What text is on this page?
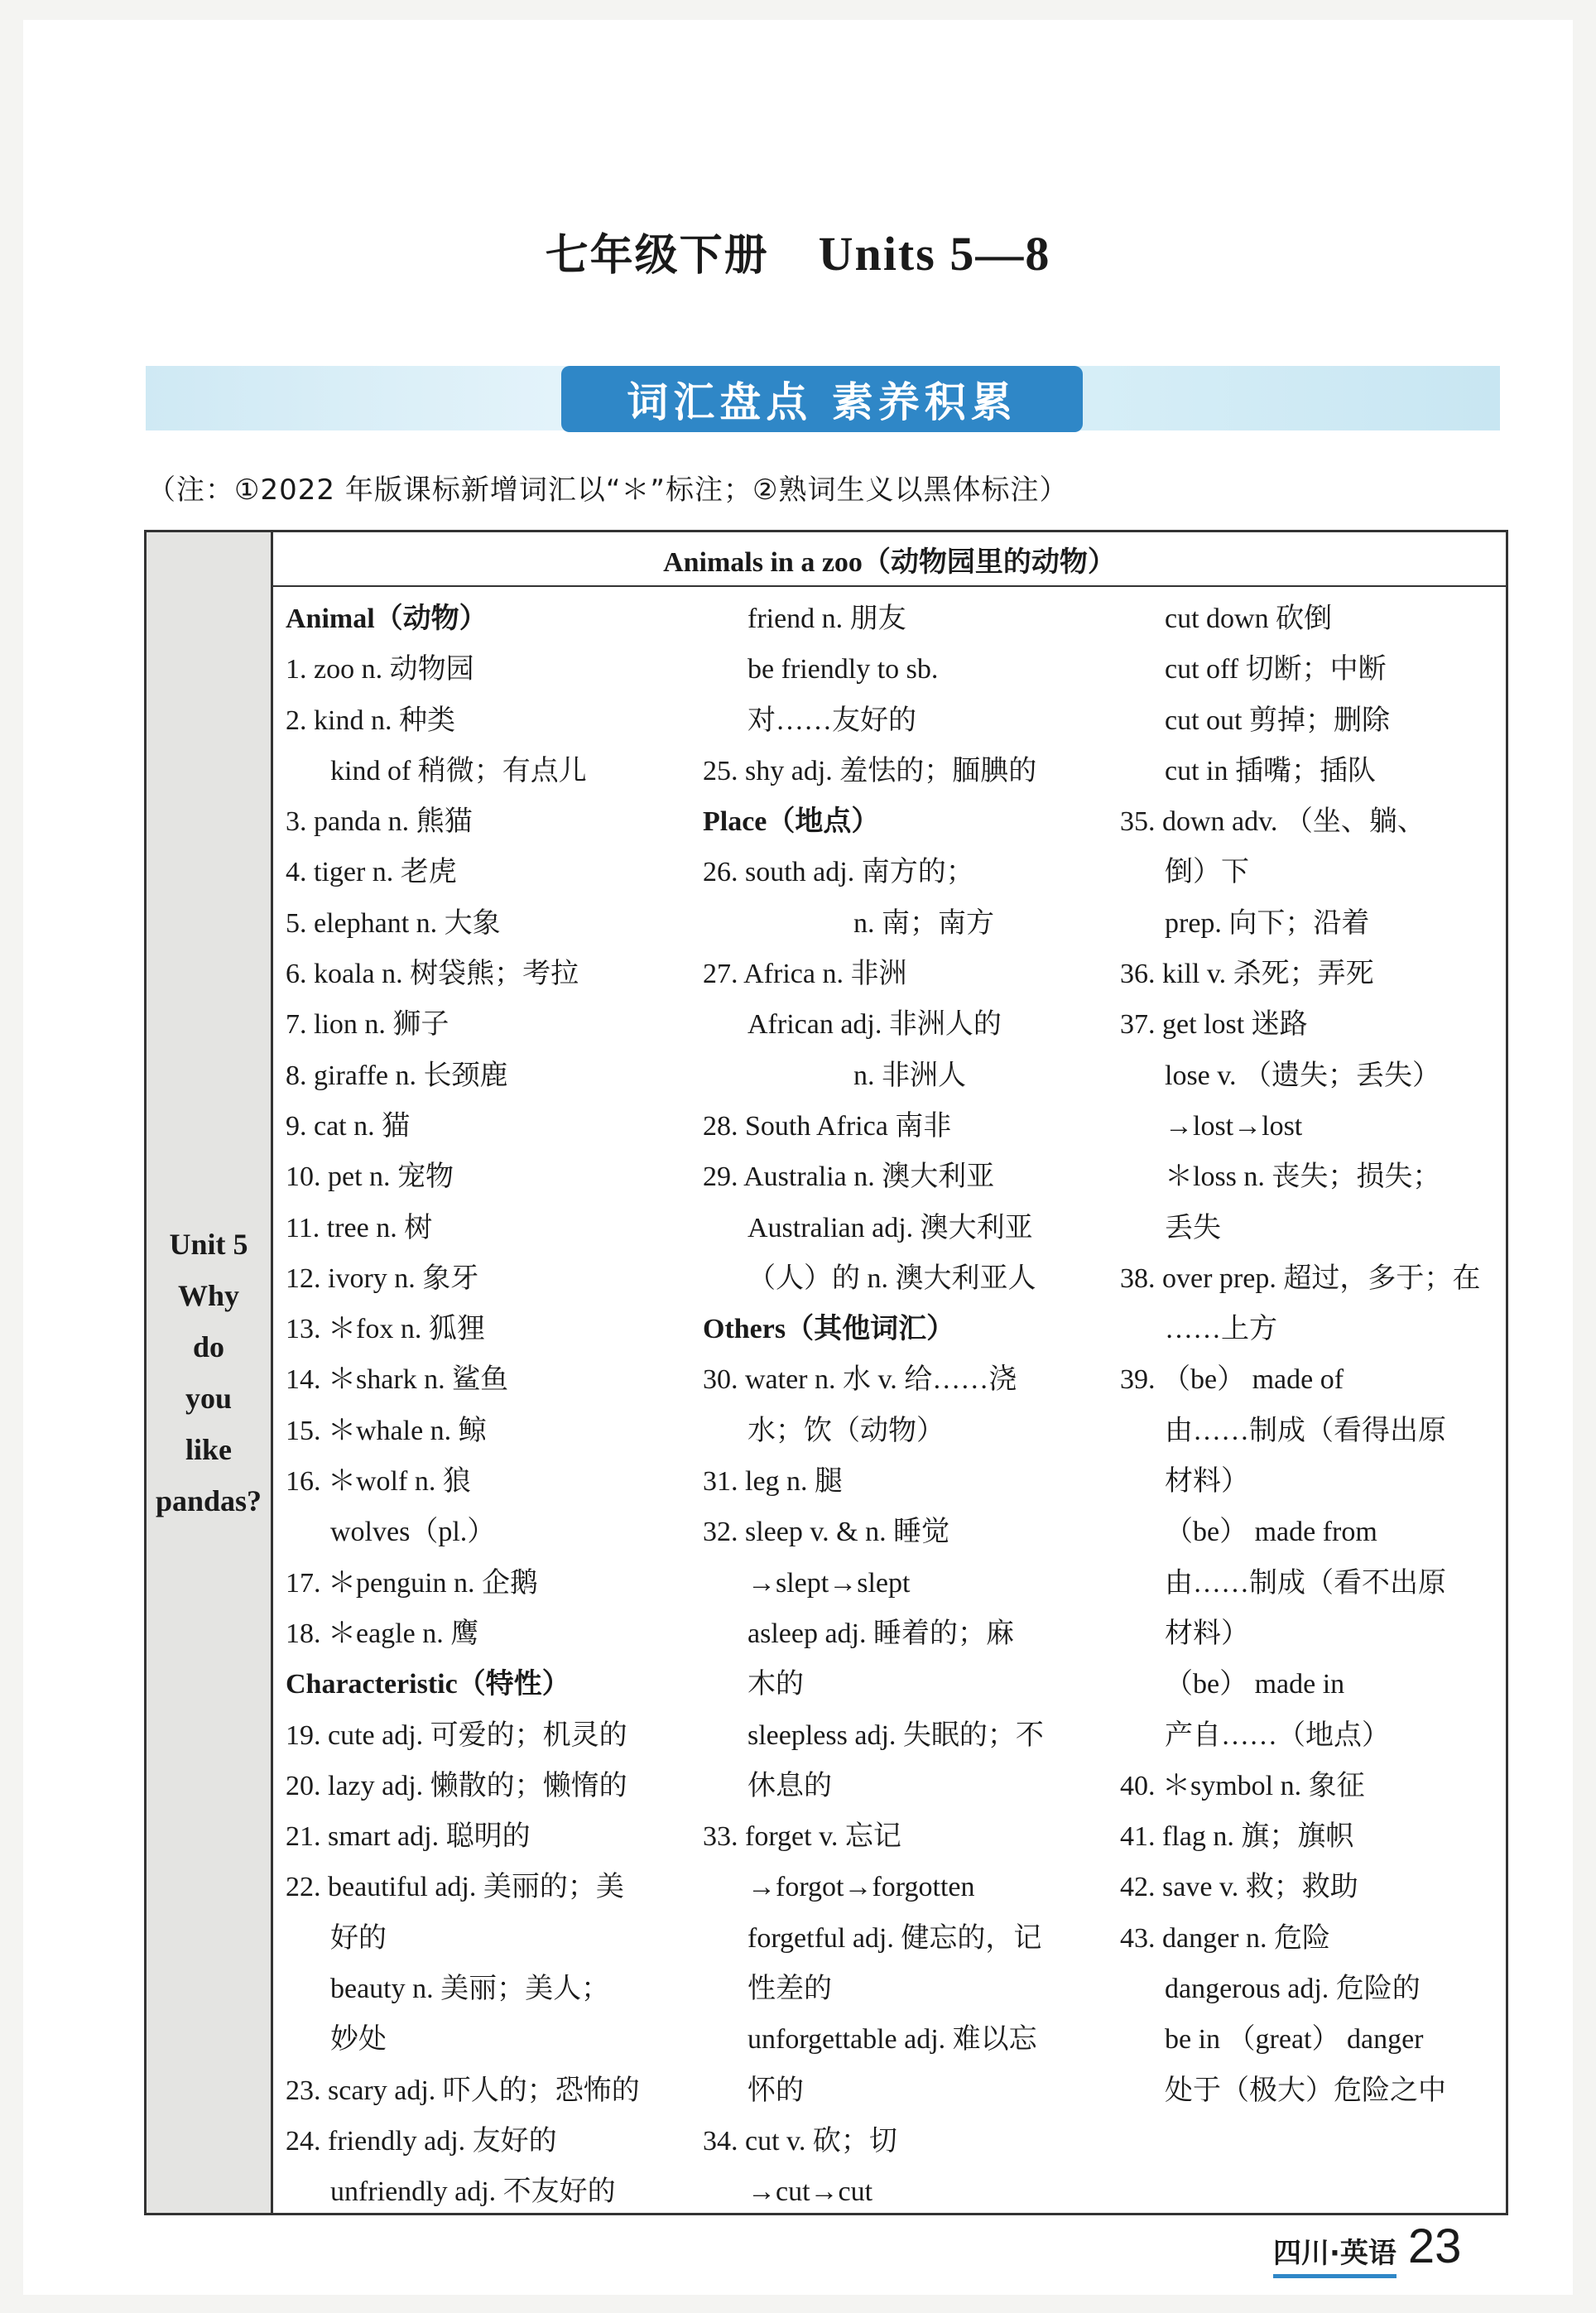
七年级下册 Units 5—8
词汇盘点 素养积累
（注：①2022 年版课标新增词汇以“＊”标注；②熟词生义以黑体标注）
Unit 5
Why
do
you
like
pandas?
Animals in a zoo（动物园里的动物）
Animal（动物）
1. zoo n. 动物园
2. kind n. 种类
kind of 稍微；有点儿
3. panda n. 熊猫
4. tiger n. 老虎
5. elephant n. 大象
6. koala n. 树袋熊；考拉
7. lion n. 狮子
8. giraffe n. 长颈鹿
9. cat n. 猫
10. pet n. 宠物
11. tree n. 树
12. ivory n. 象牙
13. ＊fox n. 狐狸
14. ＊shark n. 鲨鱼
15. ＊whale n. 鲸
16. ＊wolf n. 狼
wolves（pl.）
17. ＊penguin n. 企鹅
18. ＊eagle n. 鹰
Characteristic（特性）
19. cute adj. 可爱的；机灵的
20. lazy adj. 懒散的；懒惰的
21. smart adj. 聪明的
22. beautiful adj. 美丽的；美
好的
beauty n. 美丽；美人；
妙处
23. scary adj. 吓人的；恐怖的
24. friendly adj. 友好的
unfriendly adj. 不友好的
friend n. 朋友
be friendly to sb.
对……友好的
25. shy adj. 羞怯的；腼腆的
Place（地点）
26. south adj. 南方的；
n. 南；南方
27. Africa n. 非洲
African adj. 非洲人的
n. 非洲人
28. South Africa 南非
29. Australia n. 澳大利亚
Australian adj. 澳大利亚
（人）的 n. 澳大利亚人
Others（其他词汇）
30. water n. 水 v. 给……浇
水；饮（动物）
31. leg n. 腿
32. sleep v. & n. 睡觉
→slept→slept
asleep adj. 睡着的；麻
木的
sleepless adj. 失眠的；不
休息的
33. forget v. 忘记
→forgot→forgotten
forgetful adj. 健忘的，记
性差的
unforgettable adj. 难以忘
怀的
34. cut v. 砍；切
→cut→cut
cut down 砍倒
cut off 切断；中断
cut out 剪掉；删除
cut in 插嘴；插队
35. down adv. （坐、躺、
倒）下
prep. 向下；沿着
36. kill v. 杀死；弄死
37. get lost 迷路
lose v. （遗失；丢失）
→lost→lost
＊loss n. 丧失；损失；
丢失
38. over prep. 超过，多于；在
……上方
39. （be） made of
由……制成（看得出原
材料）
（be） made from
由……制成（看不出原
材料）
（be） made in
产自……（地点）
40. ＊symbol n. 象征
41. flag n. 旗；旗帜
42. save v. 救；救助
43. danger n. 危险
dangerous adj. 危险的
be in （great） danger
处于（极大）危险之中
四川·英语 23
